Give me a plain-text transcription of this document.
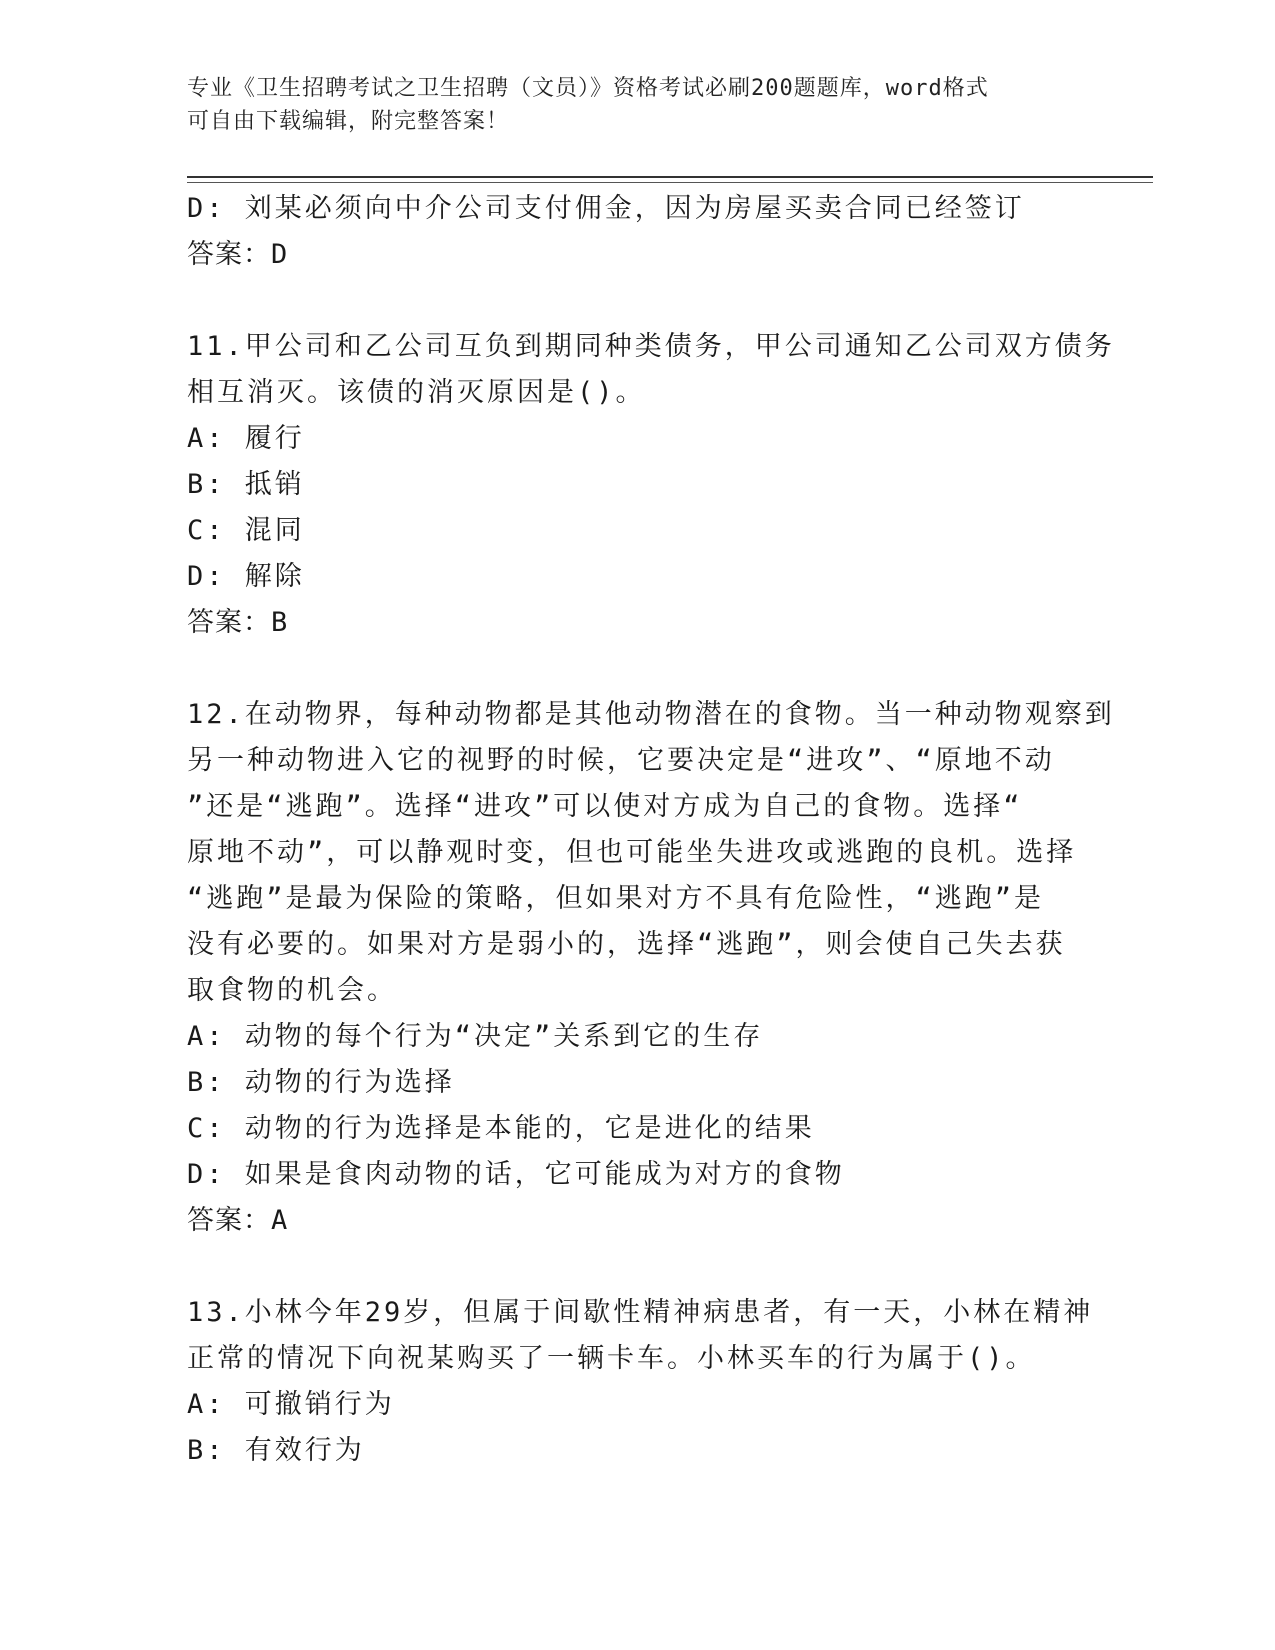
专业《卫生招聘考试之卫生招聘（文员）》资格考试必刷200题题库，word格式
可自由下载编辑，附完整答案！
D: 刘某必须向中介公司支付佣金，因为房屋买卖合同已经签订
答案：D
11.甲公司和乙公司互负到期同种类债务，甲公司通知乙公司双方债务
相互消灭。该债的消灭原因是()。
A: 履行
B: 抵销
C: 混同
D: 解除
答案：B
12.在动物界，每种动物都是其他动物潜在的食物。当一种动物观察到
另一种动物进入它的视野的时候，它要决定是“进攻”、“原地不动
”还是“逃跑”。选择“进攻”可以使对方成为自己的食物。选择“
原地不动”，可以静观时变，但也可能坐失进攻或逃跑的良机。选择
“逃跑”是最为保险的策略，但如果对方不具有危险性，“逃跑”是
没有必要的。如果对方是弱小的，选择“逃跑”，则会使自己失去获
取食物的机会。
A: 动物的每个行为“决定”关系到它的生存
B: 动物的行为选择
C: 动物的行为选择是本能的，它是进化的结果
D: 如果是食肉动物的话，它可能成为对方的食物
答案：A
13.小林今年29岁，但属于间歇性精神病患者，有一天，小林在精神
正常的情况下向祝某购买了一辆卡车。小林买车的行为属于()。
A: 可撤销行为
B: 有效行为
